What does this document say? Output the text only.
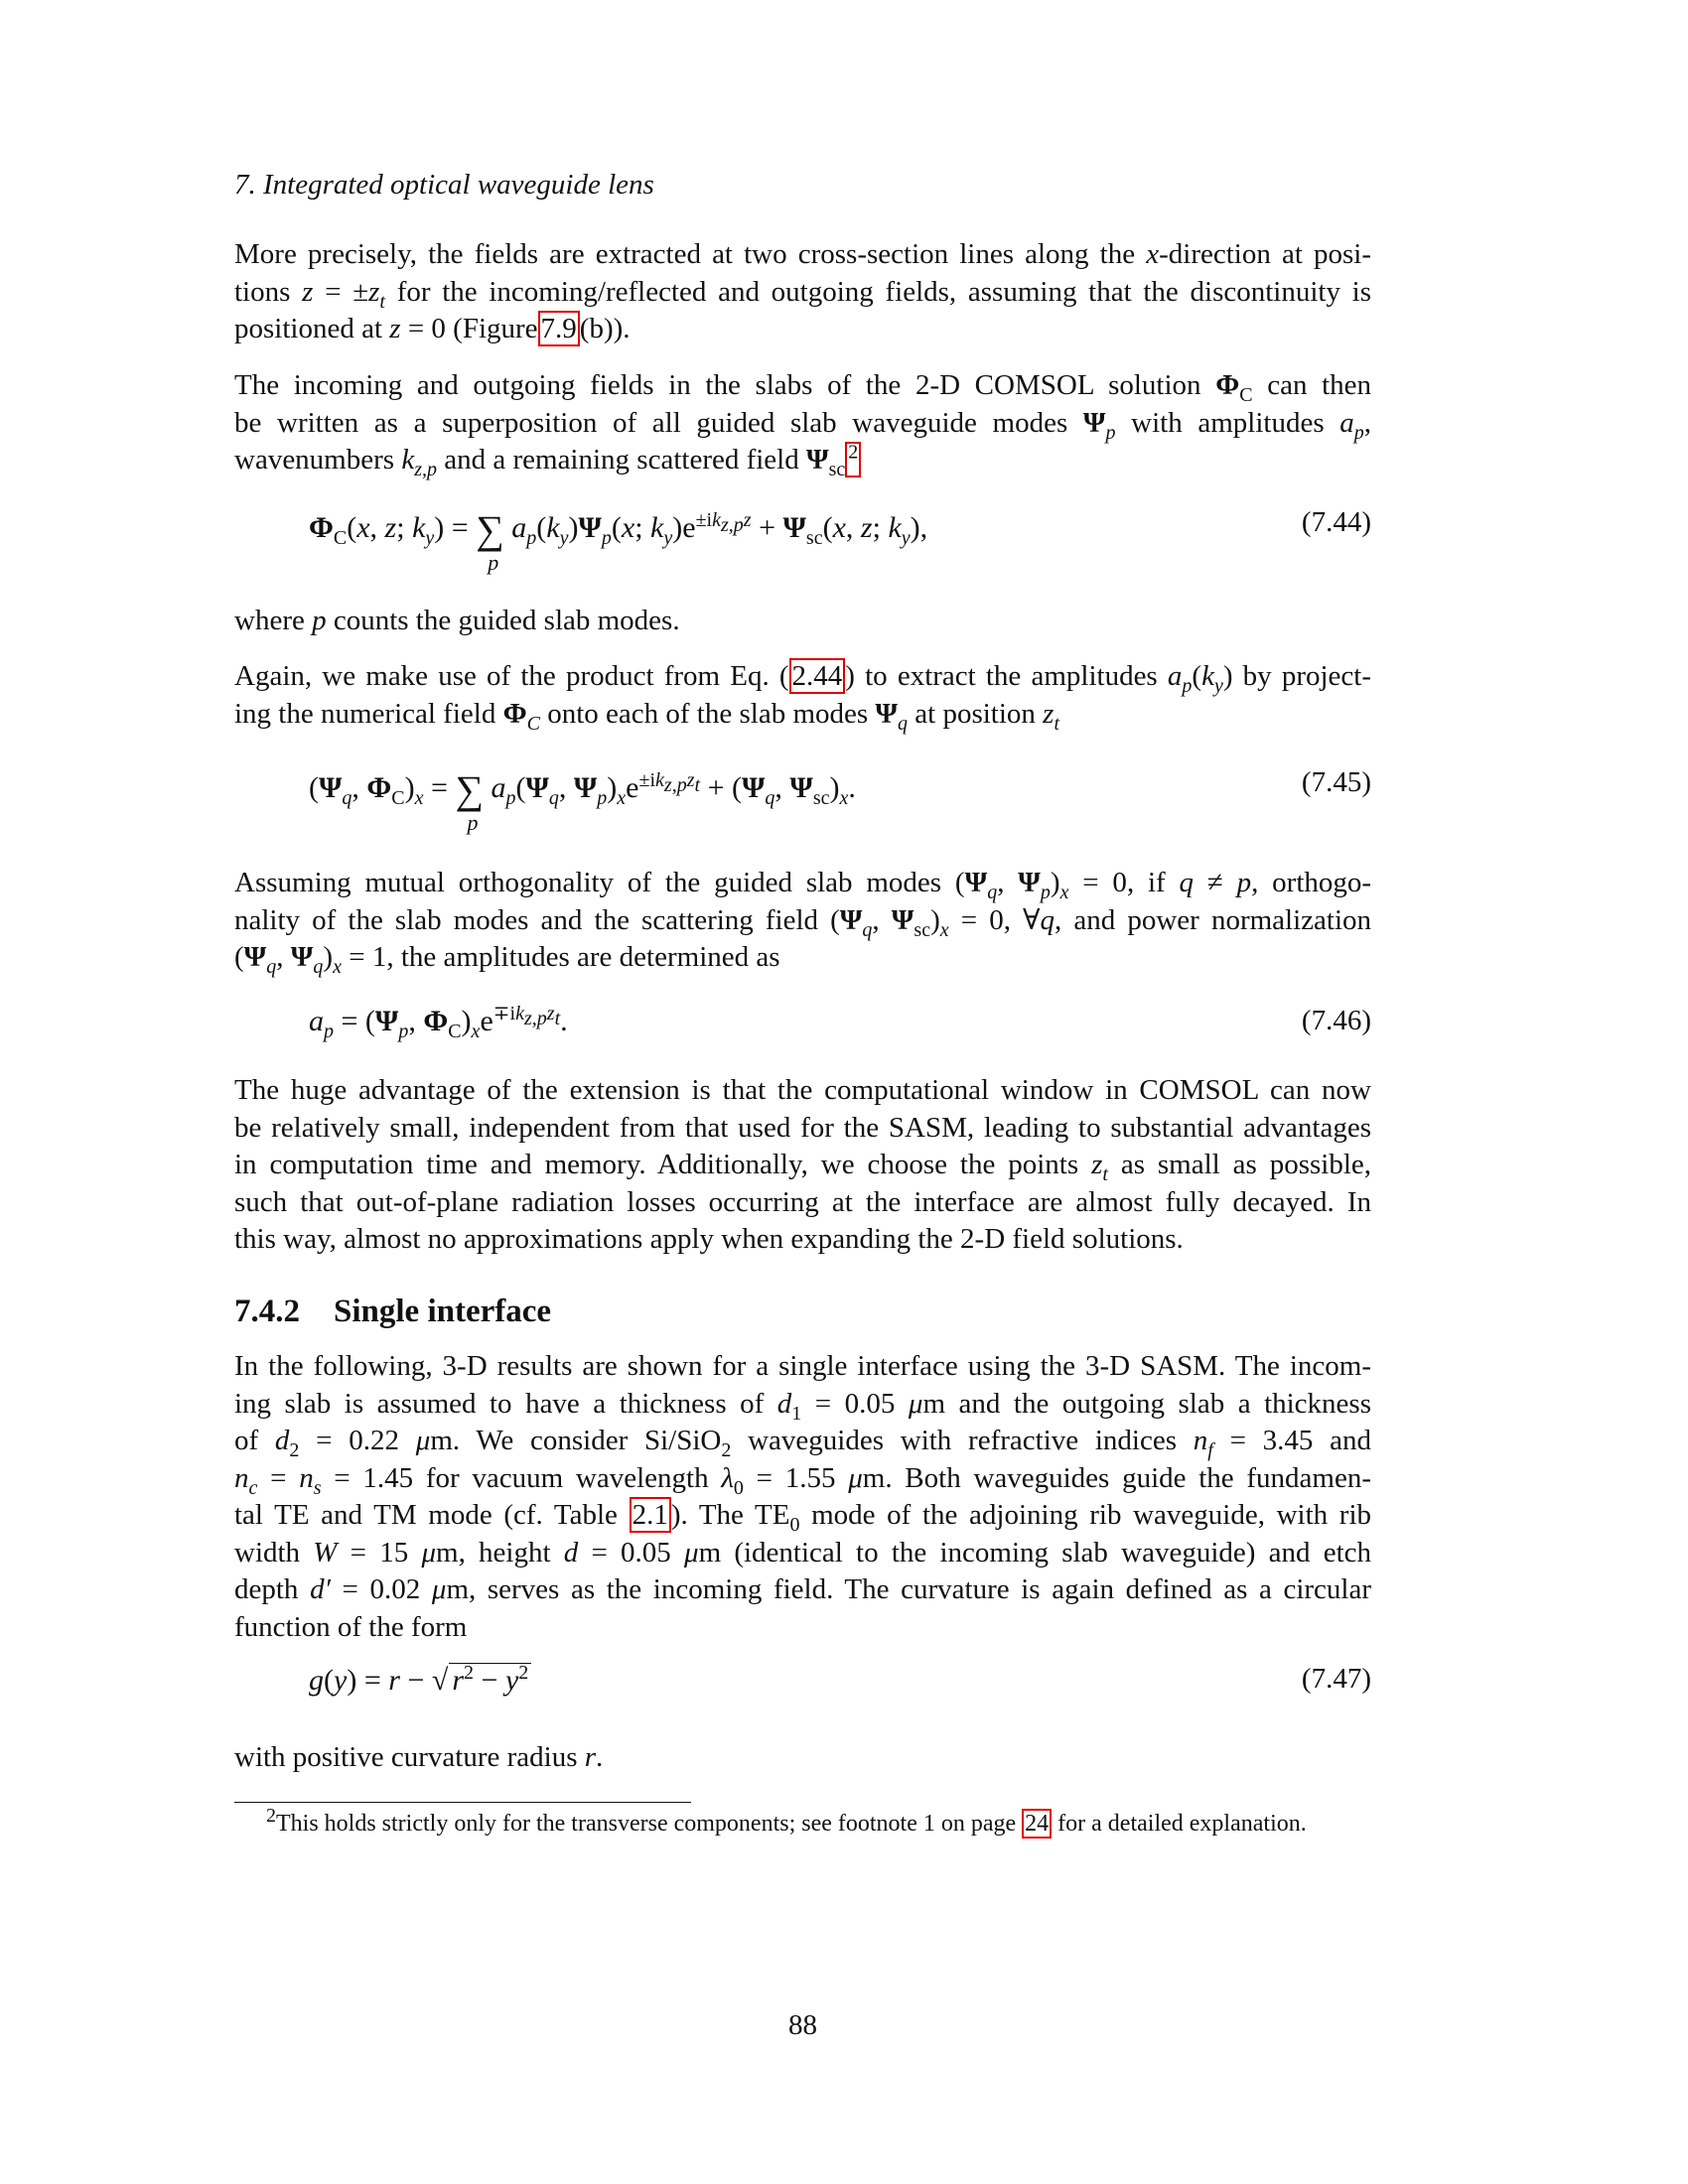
7. Integrated optical waveguide lens
More precisely, the fields are extracted at two cross-section lines along the x-direction at posi-
tions $z = \pm z_t$ for the incoming/reflected and outgoing fields, assuming that the discontinuity is
positioned at z = 0 (Figure 7.9 (b)).
The incoming and outgoing fields in the slabs of the 2-D COMSOL solution $\Phi_C$ can then
be written as a superposition of all guided slab waveguide modes $\Psi_p$ with amplitudes $a_p$,
wavenumbers $k_{z,p}$ and a remaining scattered field $\Psi_{sc}^2$
$\Phi_C(x$, z; $k_y$) = ∑
p
$a_p(k_y)\Psi_p(x$; $k_y)e^{\pm ik_{z,p}z} + \Psi_{sc}(x$, z; $k_y$),	(7.44)
where p counts the guided slab modes.
Again, we make use of the product from Eq. ( 2.44 ) to extract the amplitudes $a_p(k_y)$ by project-
ing the numerical field $\Phi_C$ onto each of the slab modes $\Psi_q$ at position $z_t$
($\Psi_q$, $\Phi_C)_x$ = ∑
p
$a_p(\Psi_q$, $\Psi_p)_xe^{\pm ik_{z,p}z_t} + (\Psi_q$, $\Psi_{sc})_x$.	(7.45)
Assuming mutual orthogonality of the guided slab modes ($\Psi_q$, $\Psi_p)_x = 0$, if q ≠ p, orthogo-
nality of the slab modes and the scattering field ($\Psi_q$, $\Psi_{sc})_x = 0$, ∀q, and power normalization
($\Psi_q$, $\Psi_q)_x = 1$, the amplitudes are determined as
$a_p = (\Psi_p$, $\Phi_C)_xe^{\mp ik_{z,p}z_t}$.	(7.46)
The huge advantage of the extension is that the computational window in COMSOL can now
be relatively small, independent from that used for the SASM, leading to substantial advantages
in computation time and memory. Additionally, we choose the points $z_t$ as small as possible,
such that out-of-plane radiation losses occurring at the interface are almost fully decayed. In
this way, almost no approximations apply when expanding the 2-D field solutions.
7.4.2 Single interface
In the following, 3-D results are shown for a single interface using the 3-D SASM. The incom-
ing slab is assumed to have a thickness of $d_1 = 0.05$ μm and the outgoing slab a thickness
of $d_2 = 0.22$ μm. We consider Si/SiO$_2$ waveguides with refractive indices $n_f = 3.45$ and
$n_c = n_s = 1.45$ for vacuum wavelength $\lambda_0 = 1.55$ μm. Both waveguides guide the fundamen-
tal TE and TM mode (cf. Table 2.1 ). The $TE_0$ mode of the adjoining rib waveguide, with rib
width W = 15 μm, height d = 0.05 μm (identical to the incoming slab waveguide) and etch
depth d′ = 0.02 μm, serves as the incoming field. The curvature is again defined as a circular
function of the form
g(y) = r − √ $r^2 - y^2$	(7.47)
with positive curvature radius r.
$^2$This holds strictly only for the transverse components; see footnote 1 on page 24 for a detailed explanation.
88
